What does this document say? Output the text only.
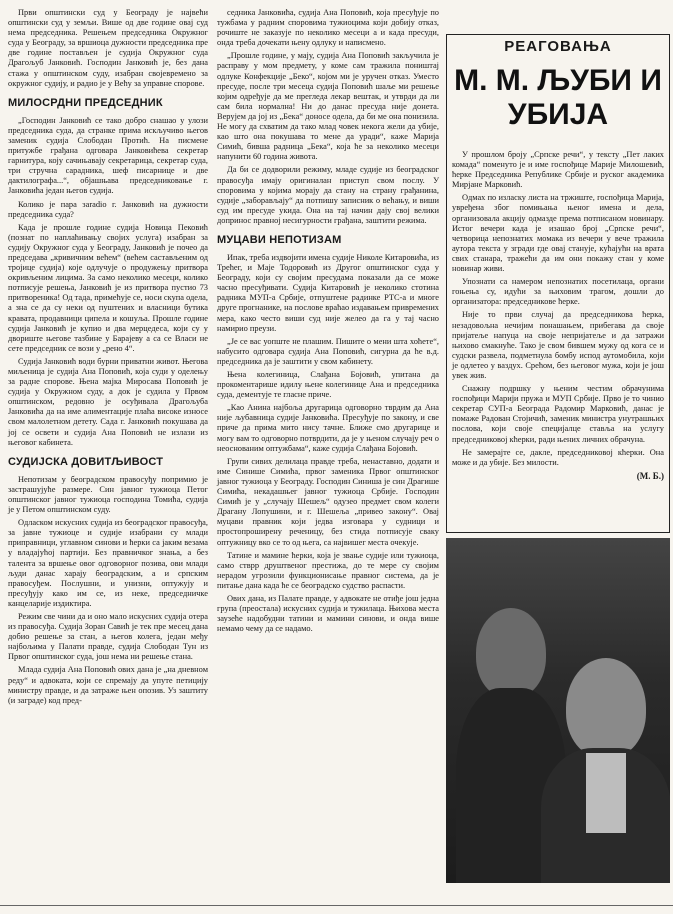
Први општински суд у Београду је највећи општински суд у земљи. Више од две године овај суд нема председника. Решењем председника Окружног суда у Београду, за вршиоца дужности председника пре две године постављен је судија Окружног суда Драгољуб Јанковић. Господин Јанковић је, без дана стажа у општинском суду, изабран својевремено за окружног судију, и радио је у Већу за управне спорове.

МИЛОСРДНИ ПРЕДСЕДНИК

„Господин Јанковић се тако добро снашао у улози председника суда, да странке прима искључиво његов заменик судија Слободан Протић. На писмене притужбе грађана одговара Јанковићева секретар гарнитура, коју сачињавају секретарица, секретар суда, три стручна сарадника, шеф писарнице и две дактилографа...“, објашњава председниковање г. Јанковића један његов судија.

Колико је пара заradio г. Јанковић на дужности председника суда?

Када је прошле године судија Новица Пековић (познат по наплаћивању својих услуга) изабран за судију Окружног суда у Београду, Јанковић је почео да председава „кривичним већем“ (већем састављеним од тројице судија) које одлучује о продужењу притвора окривљеним лицима. За само неколико месеци, колико потписује решења, Јанковић је из притвора пустио 73 притвореника! Од тада, примећује се, носи скупа одела, а зна се да су неки од пуштених и власници бутика кравата, продавници ципела и кошуља. Прошле године судија Јанковић је купио и два мерцедеса, који су у двориште његове тазбине у Барајеву а са се Власи не сете председник се вози у „рено 4“.

Судија Јанковић води бурни приватни живот. Његова миљеница је судија Ана Поповић, која суди у оделењу за радне спорове. Њена мајка Миросава Поповић је судија у Окружном суду, а док је судила у Првом општинском, редовно је осуђивала Драгољуба Јанковића да на име алиментације плаћа високе износе свом малолетном детету. Сада г. Јанковић покушава да јој се освети и судија Ана Поповић не излази из његовог кабинета.

СУДИЈСКА ДОВИТЉИВОСТ

Непотизам у београдском правосуђу попримио је застрашујуће размере. Син јавног тужиоца Петог општинског јавног тужиоца господина Томића, судија је у Петом општинском суду.

Одласком искусних судија из београдског правосуђа, за јавне тужиоце и судије изабрани су млади приправници, углавном синови и ћерки са јаким везама у владајућој партији. Без правничког знања, а без талента за вршење овог одговорног позива, ови млади људи данас харају београдским, а и српским правосуђем. Послушни, и унизни, оптужују и пресуђују како им се, из неке, председничке канцеларије издиктира.

Режим све чини да и оно мало искусних судија отера из правосуђа. Судија Зоран Савић је тек пре месец дана добио решење за стан, а његов колега, један међу најбољима у Палати правде, судија Слободан Тун из Првог општинског суда, још нема ни решење стана.

Млада судија Ана Поповић ових дана је „на дневном реду“ и адвоката, који се спремају да упуте петицију министру правде, и да затраже њен опозив. Уз заштиту (и заграде) код пред-

седника Јанковића, судија Ана Поповић, која пресуђује по тужбама у радним споровима тужиоцима који добију отказ, рочиште не заказује по неколико месеци а и када пресуди, онда треба дочекати њену одлуку и написмено.

„Прошле године, у мају, судија Ана Поповић закључила је расправу у мом предмету, у коме сам тражила поништај одлуке Конфекције „Беко“, којом ми је уручен отказ. Уместо пресуде, после три месеца судија Поповић шаље ми решење којим одређује да ме прегледа лекар вештак, и утврди да ли сам била нормална! Ни до данас пресуда није донета. Верујем да јој из „Бека“ доносе одела, да би ме она понизила. Не могу да схватим да тако млад човек некога жели да убије, као што она покушава то мене да уради“, каже Марија Симић, бивша радница „Бека“, која ће за неколико месеци напунити 60 година живота.

Да би се додворили режиму, младе судије из београдског правосуђа имају оригиналан приступ свом послу. У споровима у којима морају да стану на страну грађанина, судије „заборављају“ да потпишу записник о већању, и виши суд им пресуде укида. Она на тај начин дају свој велики допринос правној несигурности грађана, заштити режима.

МУЦАВИ НЕПОТИЗАМ

Ипак, треба издвојити имена судије Николе Китаровића, из Трећег, и Маје Тодоровић из Другог општинског суда у Београду, који су својим пресудама показали да се може часно пресуђивати. Судија Китаровић је неколико стотина радника МУП-а Србије, отпуштене радинке РТС-а и многе друге прогнанике, на послове враћао издавањем привремених мера, како често виши суд није желео да га у тај часно намирио преузи.

„Је се вас уопште не плашим. Пишите о мени шта хоћете“, набусито одговара судија Ана Поповић, сигурна да ће в.д. председника да је заштити у свом кабинету.

Њена колегиница, Слађана Бојовић, упитана да прокоментарише идилу њене колегинице Ана и председника суда, дементује те гласне приче.

„Као Анина најбоља другарица одговорно тврдим да Ана није љубавница судије Јанковића. Пресуђује по закону, и све приче да прима мито нису тачне. Ближе смо другарице и могу вам то одговорно потврдити, да је у њеном случају реч о неоснованим оптужбама“, каже судија Слађана Бојовић.

Групи сивих делилаца правде треба, ненаставно, додати и име Синише Симића, првог заменика Првог општинског јавног тужиоца у Београду. Господин Синиша је син Драгише Симића, некадашњег јавног тужиоца Србије. Господин Симић је у „случају Шешељ“ одузео предмет свом колеги Драгану Лопушини, и г. Шешеља „привео закону“. Овај муцави правник који једва изговара у судници и простопроширену реченицу, без стида потписује сваку оптужницу вко се то од њега, са највишег места очекује.

Татине и мамине ћерки, која је звање судије или тужиоца, само стврр друштвеног престижа, до те мере су својим нерадом угрозили функционисање правног система, да је питање дана када ће се београдско судство распасти.

Ових дана, из Палате правде, у адвокате не отиђе још једна група (преостала) искусних судија и тужилаца. Њихова места заузеће надобудни татини и мамини синови, и онда више немамо чему да се надамо.

РЕАГОВАЊА
М. М. ЉУБИ И УБИЈА

У прошлом броју „Српске речи“, у тексту „Пет лаких комада“ поменуто је и име госпођице Марије Милошевић, ћерке Председника Републике Србије и руског академика Мирјане Марковић.

Одмах по изласку листа на тржиште, госпођица Марија, увређена због помињања њеног имена и дела, организовала акцију одмазде према потписаном новинару. Истог вечери када је изашао број „Српске речи“, четворица непознатих момака из вечери у вече тражила аутора текста у згради где овај станује, кућајућн на врата свих станара, тражећи да им они покажу стан у коме новинар живи.

Упознати са намером непознатих посетилаца, органи гоњења су, идући за њиховим трагом, дошли до организатора: председникове ћерке.

Није то први случај да председникова ћерка, незадовољна нечијим понашањем, прибегава да своје пријатеље напуца на своје непријатеље и да затражи њихово смакнуће. Тако је свом бившем мужу од кога се и судски развела, подметнула бомбу испод аутомобила, који је одлетео у ваздух. Срећом, без његовог мужа, који је још увек жив.

Снажну подршку у њеним честим обрачунима госпођици Марији пружа и МУП Србије. Прво је то чинио секретар СУП-а Београда Радомир Марковић, данас је помаже Радован Стојичић, заменик министра унутрашњих послова, који своје специјалце ставља на услугу председниковој кћерки, ради њених личних обрачуна.

Не замерајте се, дакле, председниковој кћерки. Она може и да убије. Без милости.

(М. Б.)
